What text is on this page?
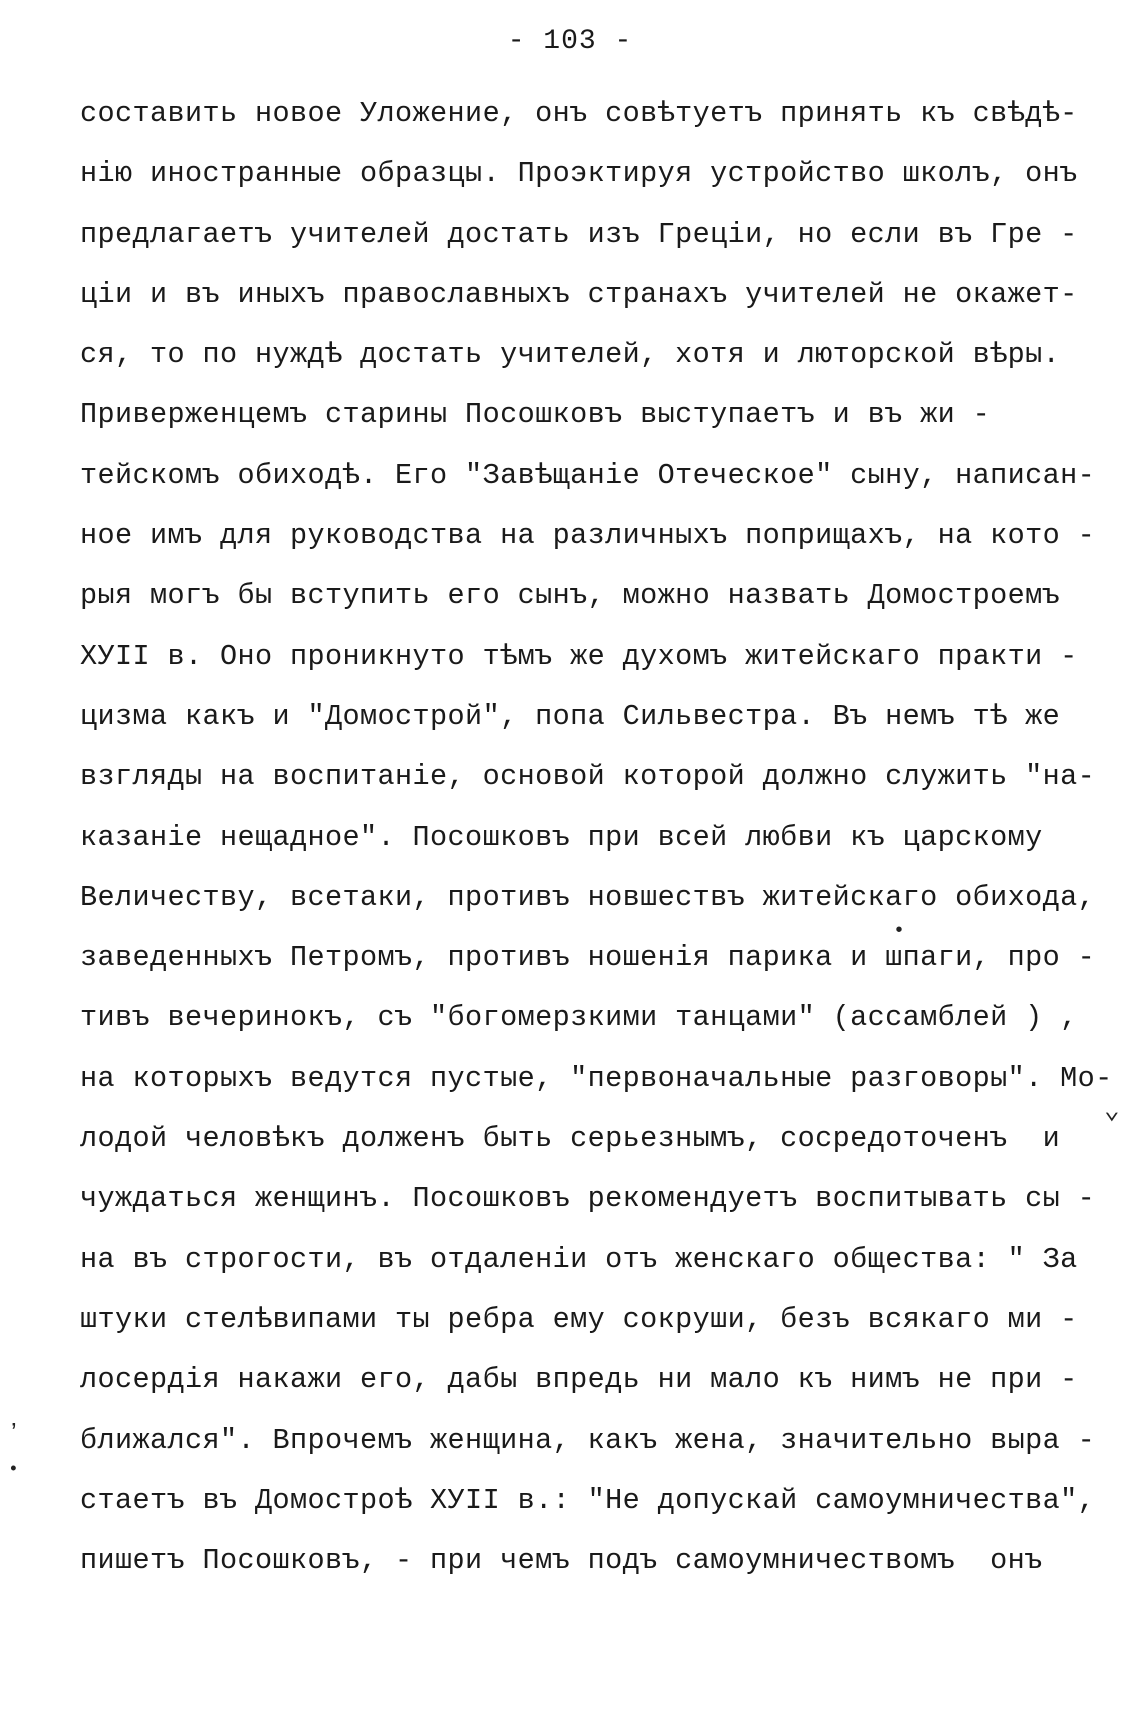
- 103 -
составить новое Уложение, онъ совѣтуетъ принять къ свѣдѣ-
нію иностранные образцы. Проэктируя устройство школъ, онъ
предлагаетъ учителей достать изъ Греціи, но если въ Гре -
ціи и въ иныхъ православныхъ странахъ учителей не окажет-
ся, то по нуждѣ достать учителей, хотя и люторской вѣры.
Приверженцемъ старины Посошковъ выступаетъ и въ жи -
тейскомъ обиходѣ. Его "Завѣщаніе Отеческое" сыну, написан-
ное имъ для руководства на различныхъ поприщахъ, на кото -
рыя могъ бы вступить его сынъ, можно назвать Домостроемъ
ХУII в. Оно проникнуто тѣмъ же духомъ житейскаго практи -
цизма какъ и "Домострой", попа Сильвестра. Въ немъ тѣ же
взгляды на воспитаніе, основой которой должно служить "на-
казаніе нещадное". Посошковъ при всей любви къ царскому
Величеству, всетаки, противъ новшествъ житейскаго обихода,
заведенныхъ Петромъ, противъ ношенія парика и шпаги, про -
тивъ вечеринокъ, съ "богомерзкими танцами" (ассамблей ) ,
на которыхъ ведутся пустые, "первоначальные разговоры". Мо-
лодой человѣкъ долженъ быть серьезнымъ, сосредоточенъ  и
чуждаться женщинъ. Посошковъ рекомендуетъ воспитывать сы -
на въ строгости, въ отдаленіи отъ женскаго общества: " За
штуки стелѣвипами ты ребра ему сокруши, безъ всякаго ми -
лосердія накажи его, дабы впредь ни мало къ нимъ не при -
ближался". Впрочемъ женщина, какъ жена, значительно выра -
стаетъ въ Домостроѣ ХУII в.: "Не допускай самоумничества",
пишетъ Посошковъ, - при чемъ подъ самоумничествомъ  онъ
⌄
ʼ
•
•
